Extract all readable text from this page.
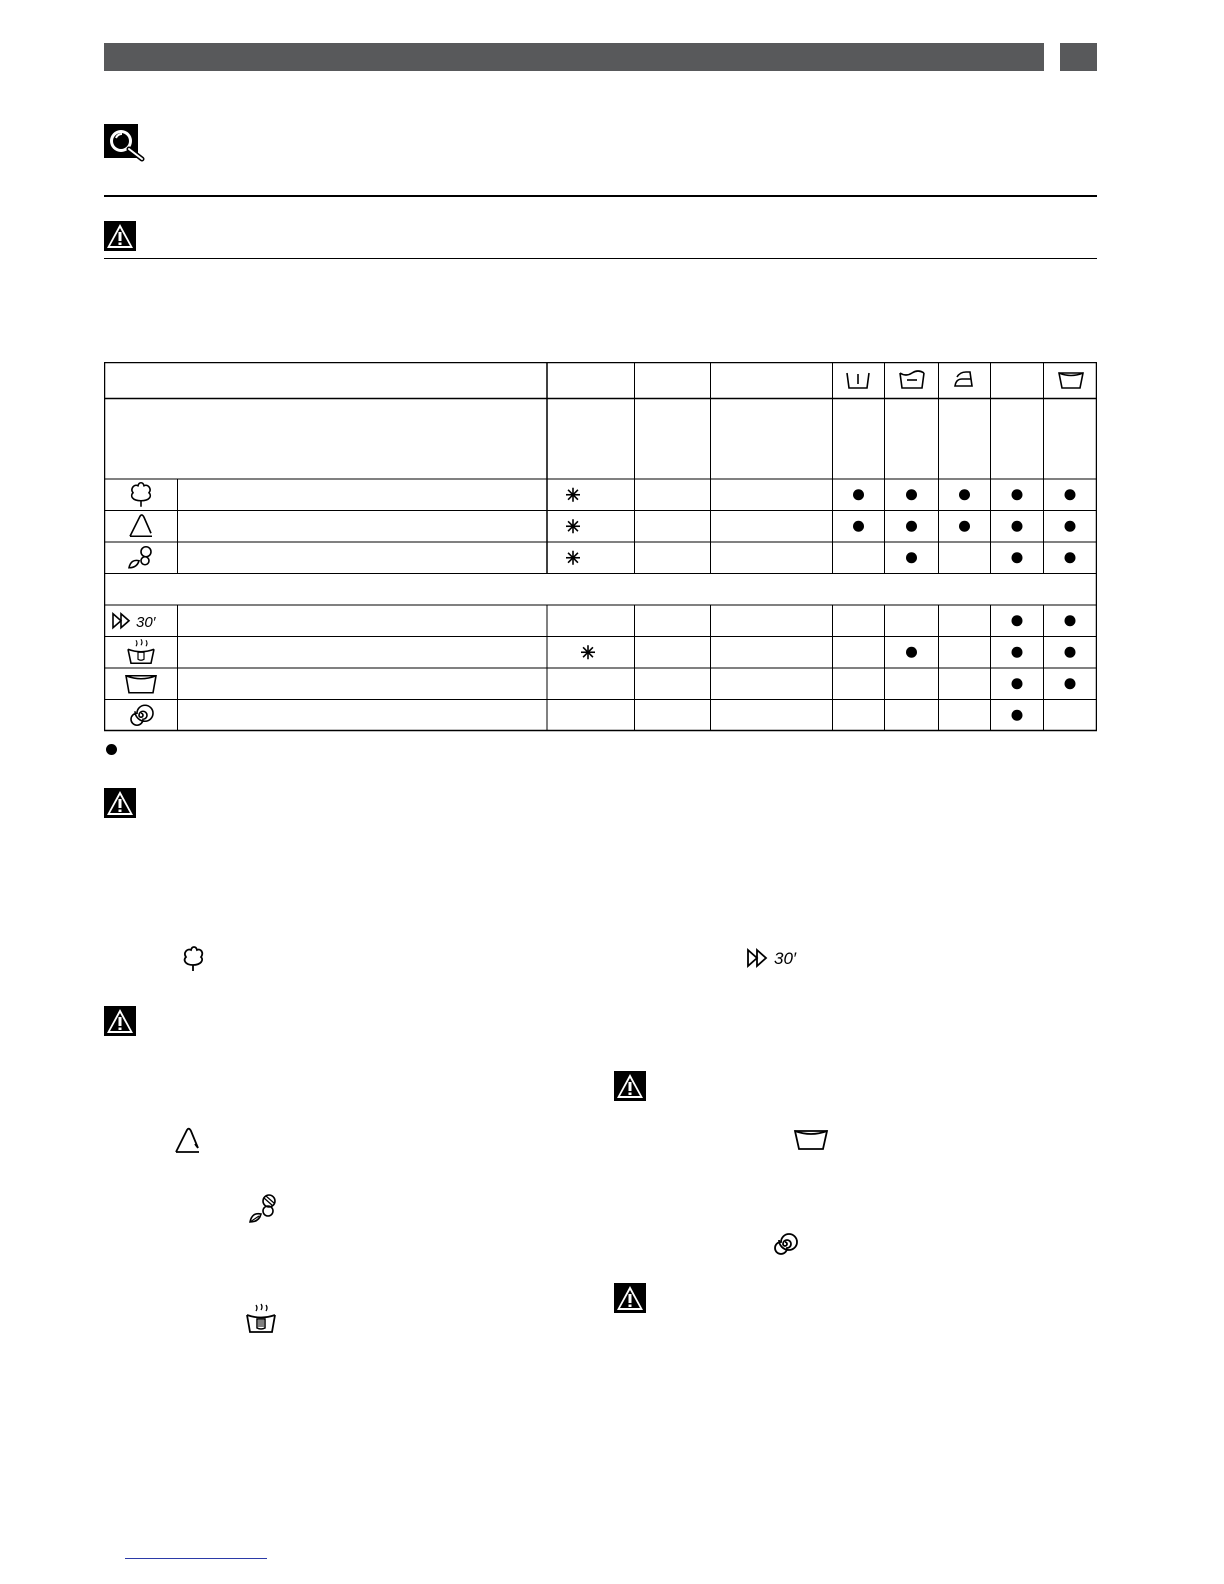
30′
30′
